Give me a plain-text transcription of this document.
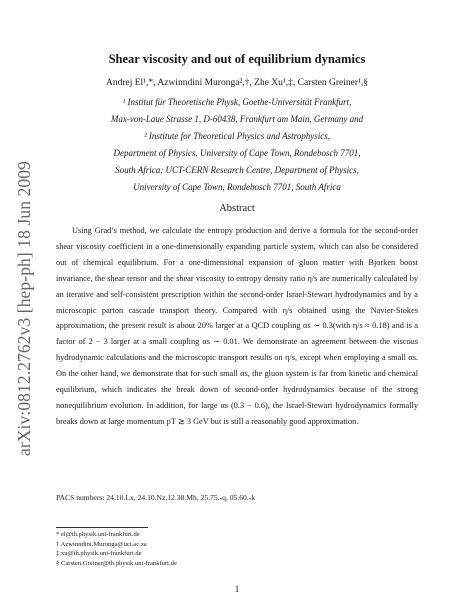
arXiv:0812.2762v3 [hep-ph] 18 Jun 2009
Shear viscosity and out of equilibrium dynamics
Andrej El¹,*, Azwinndini Muronga²,†, Zhe Xu¹,‡, Carsten Greiner¹,§
¹ Institut für Theoretische Physk, Goethe-Universität Frankfurt,
Max-von-Laue Strasse 1, D-60438, Frankfurt am Main, Germany and
² Institute for Theoretical Physics and Astrophysics,
Department of Physics, University of Cape Town, Rondebosch 7701,
South Africa; UCT-CERN Research Centre, Department of Physics,
University of Cape Town, Rondebosch 7701, South Africa
Abstract

Using Grad’s method, we calculate the entropy production and derive a formula for the second-order shear viscosity coefficient in a one-dimensionally expanding particle system, which can also be considered out of chemical equilibrium. For a one-dimensional expansion of gluon matter with Bjorken boost invariance, the shear tensor and the shear viscosity to entropy density ratio η/s are numerically calculated by an iterative and self-consistent prescription within the second-order Israel-Stewart hydrodynamics and by a microscopic parton cascade transport theory. Compared with η/s obtained using the Navier-Stokes approximation, the present result is about 20% larger at a QCD coupling αs ∼ 0.3(with η/s ≈ 0.18) and is a factor of 2 − 3 larger at a small coupling αs ∼ 0.01. We demonstrate an agreement between the viscous hydrodynamic calculations and the microscopic transport results on η/s, except when employing a small αs. On the other hand, we demonstrate that for such small αs, the gluon system is far from kinetic and chemical equilibrium, which indicates the break down of second-order hydrodynamics because of the strong nonequilibrium evolution. In addition, for large αs (0.3 − 0.6), the Israel-Stewart hydrodynamics formally breaks down at large momentum pT ≳ 3 GeV but is still a reasonably good approximation.

PACS numbers: 24.10.Lx, 24.10.Nz,12.38.Mh, 25.75.-q, 05.60.-k
* el@th.physik.uni-frankfurt.de
† Azwinndini.Muronga@uct.ac.za
‡ xu@th.physik.uni-frankfurt.de
§ Carsten.Greiner@th.physik.uni-frankfurt.de
1
